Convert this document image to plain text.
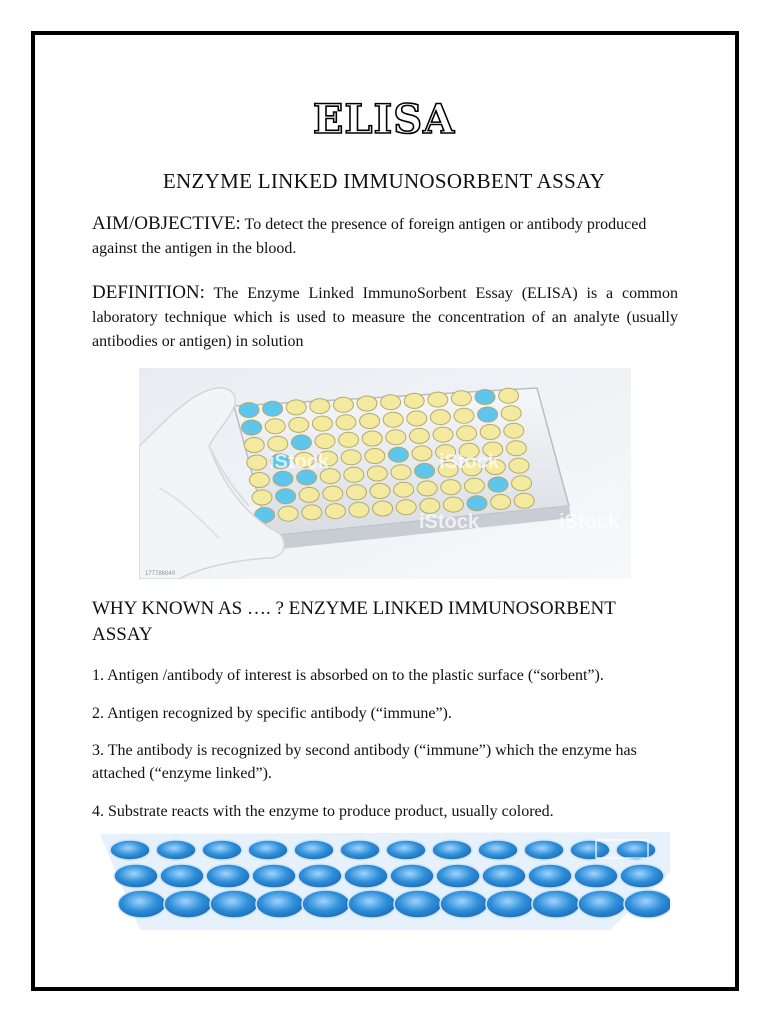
ELISA
ENZYME LINKED IMMUNOSORBENT ASSAY
AIM/OBJECTIVE: To detect the presence of foreign antigen or antibody produced against the antigen in the blood.
DEFINITION: The Enzyme Linked ImmunoSorbent Essay (ELISA) is a common laboratory technique which is used to measure the concentration of an analyte (usually antibodies or antigen) in solution
iStock	iStock
iStock	iStock
177786040
WHY KNOWN AS …. ? ENZYME LINKED IMMUNOSORBENT ASSAY
1. Antigen /antibody of interest is absorbed on to the plastic surface (“sorbent”).
2. Antigen recognized by specific antibody (“immune”).
3. The antibody is recognized by second antibody (“immune”) which the enzyme has attached (“enzyme linked”).
4. Substrate reacts with the enzyme to produce product, usually colored.
